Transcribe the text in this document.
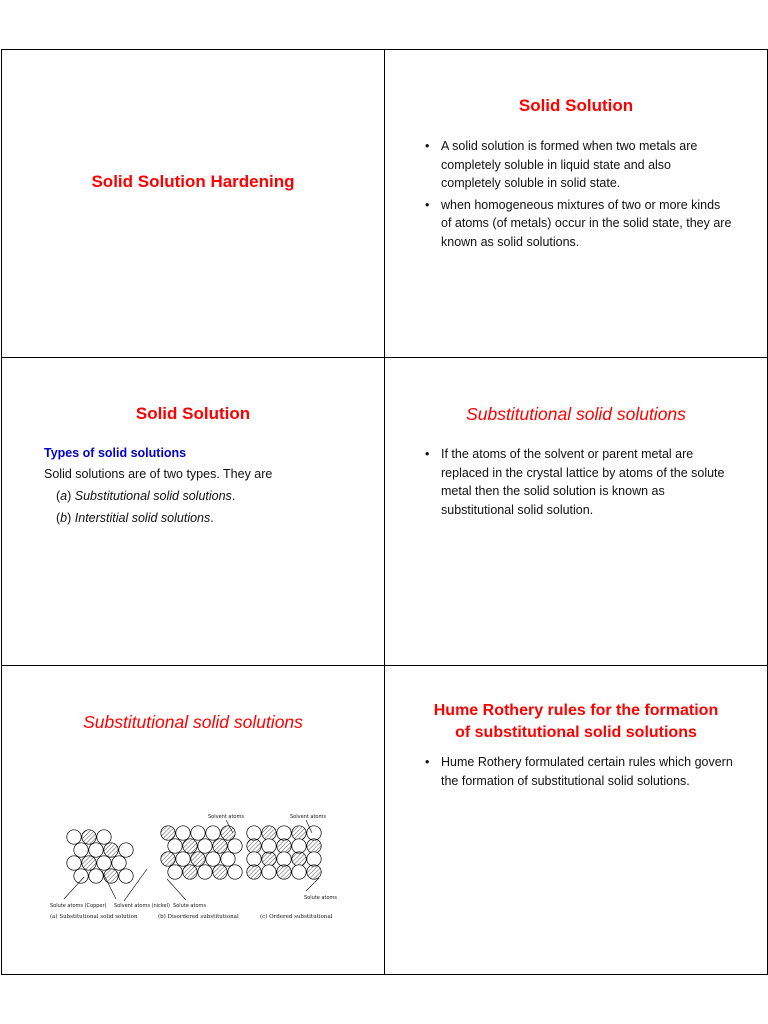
Solid Solution Hardening
Solid Solution
• A solid solution is formed when two metals are completely soluble in liquid state and also completely soluble in solid state.
• when homogeneous mixtures of two or more kinds of atoms (of metals) occur in the solid state, they are known as solid solutions.
Solid Solution
Types of solid solutions
Solid solutions are of two types. They are
(a) Substitutional solid solutions.
(b) Interstitial solid solutions.
Substitutional solid solutions
• If the atoms of the solvent or parent metal are replaced in the crystal lattice by atoms of the solute metal then the solid solution is known as substitutional solid solution.
Substitutional solid solutions
Solvent atoms	Solvent atoms
Solute atoms (Copper) Solvent atoms (nickel) Solute atoms
Solute atoms
(a) Substitutional solid solution	(b) Disordered substitutional	(c) Ordered substitutional
Hume Rothery rules for the formation
of substitutional solid solutions
• Hume Rothery formulated certain rules which govern the formation of substitutional solid solutions.
